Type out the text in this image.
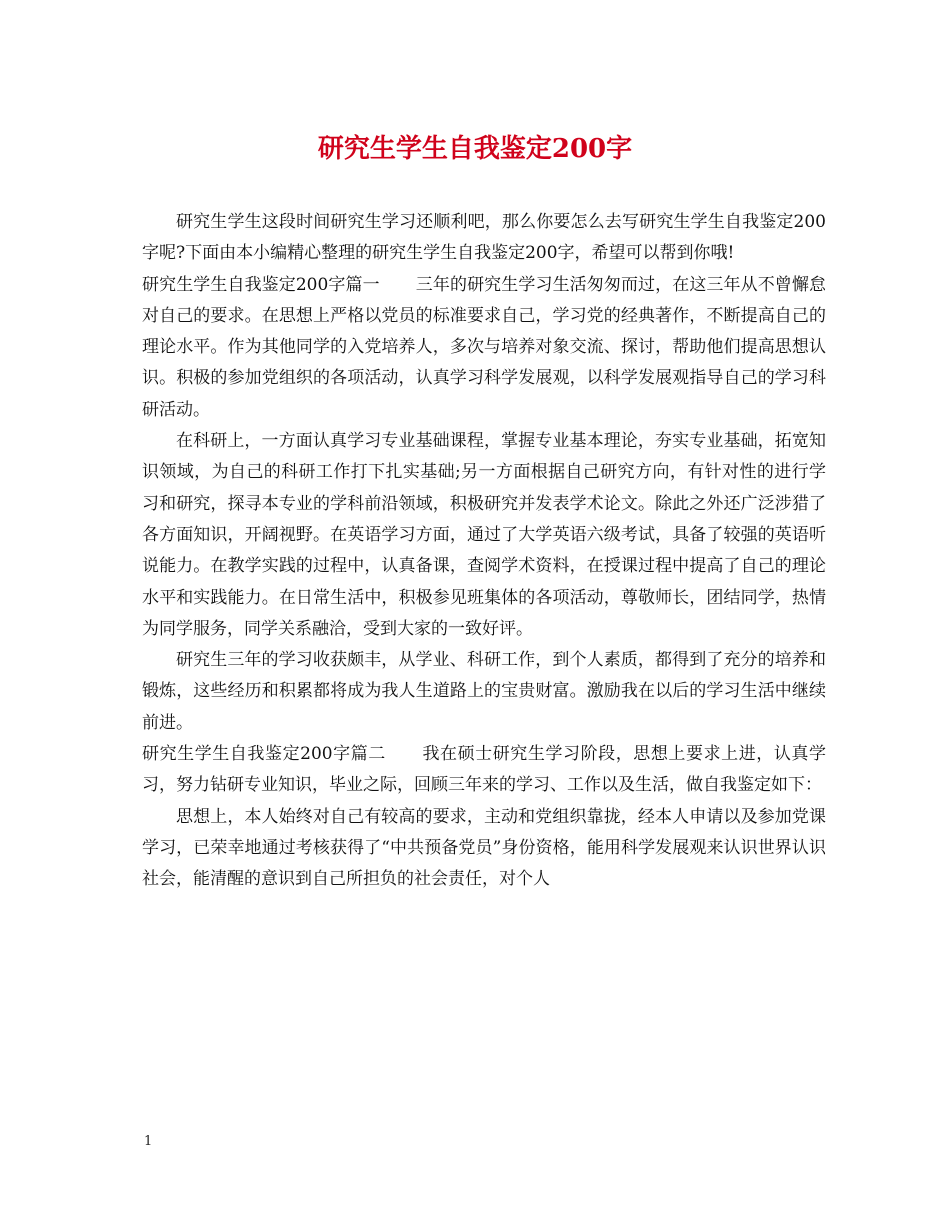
研究生学生自我鉴定200字

研究生学生这段时间研究生学习还顺利吧，那么你要怎么去写研究生学生自我鉴定200字呢?下面由本小编精心整理的研究生学生自我鉴定200字，希望可以帮到你哦!

研究生学生自我鉴定200字篇一 三年的研究生学习生活匆匆而过，在这三年从不曾懈怠对自己的要求。在思想上严格以党员的标准要求自己，学习党的经典著作，不断提高自己的理论水平。作为其他同学的入党培养人，多次与培养对象交流、探讨，帮助他们提高思想认识。积极的参加党组织的各项活动，认真学习科学发展观，以科学发展观指导自己的学习科研活动。

在科研上，一方面认真学习专业基础课程，掌握专业基本理论，夯实专业基础，拓宽知识领域，为自己的科研工作打下扎实基础;另一方面根据自己研究方向，有针对性的进行学习和研究，探寻本专业的学科前沿领域，积极研究并发表学术论文。除此之外还广泛涉猎了各方面知识，开阔视野。在英语学习方面，通过了大学英语六级考试，具备了较强的英语听说能力。在教学实践的过程中，认真备课，查阅学术资料，在授课过程中提高了自己的理论水平和实践能力。在日常生活中，积极参见班集体的各项活动，尊敬师长，团结同学，热情为同学服务，同学关系融洽，受到大家的一致好评。

研究生三年的学习收获颇丰，从学业、科研工作，到个人素质，都得到了充分的培养和锻炼，这些经历和积累都将成为我人生道路上的宝贵财富。激励我在以后的学习生活中继续前进。

研究生学生自我鉴定200字篇二 我在硕士研究生学习阶段，思想上要求上进，认真学习，努力钻研专业知识，毕业之际，回顾三年来的学习、工作以及生活，做自我鉴定如下：

思想上，本人始终对自己有较高的要求，主动和党组织靠拢，经本人申请以及参加党课学习，已荣幸地通过考核获得了“中共预备党员”身份资格，能用科学发展观来认识世界认识社会，能清醒的意识到自己所担负的社会责任，对个人

1
